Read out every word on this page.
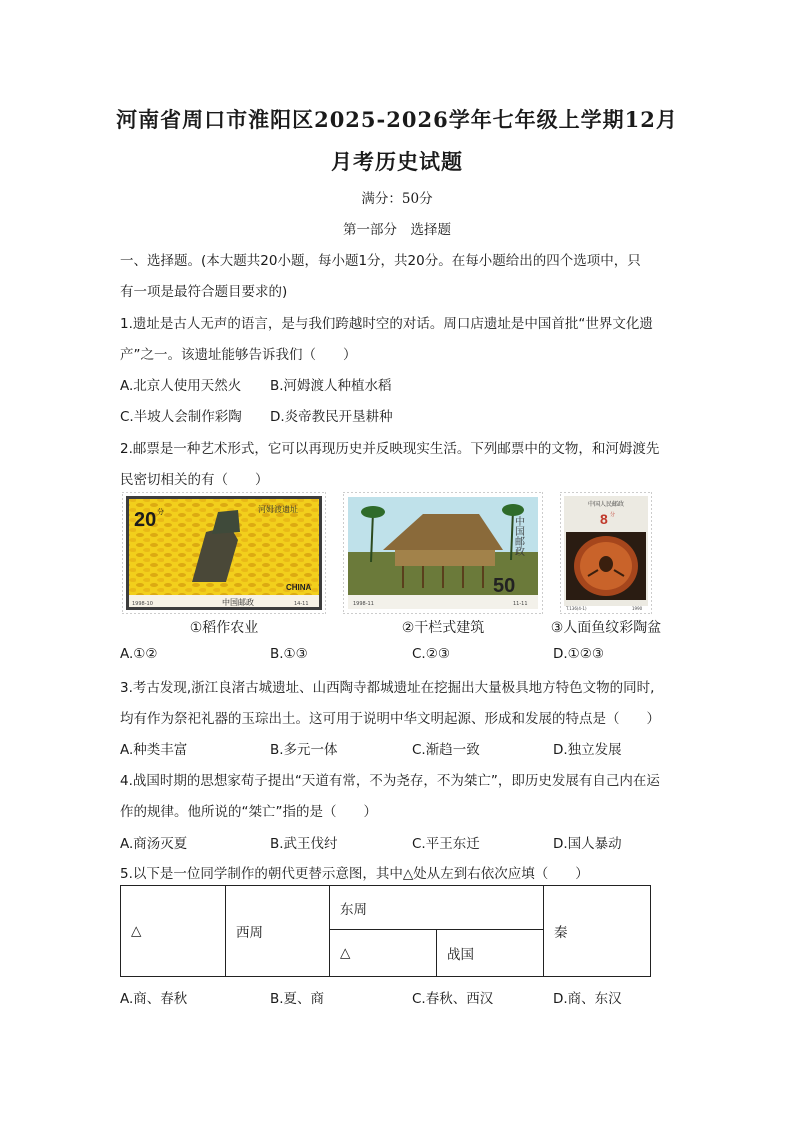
河南省周口市淮阳区2025-2026学年七年级上学期12月
月考历史试题
满分：50分
第一部分　选择题
一、选择题。(本大题共20小题，每小题1分，共20分。在每小题给出的四个选项中，只
有一项是最符合题目要求的)
1.遗址是古人无声的语言，是与我们跨越时空的对话。周口店遗址是中国首批“世界文化遗
产”之一。该遗址能够告诉我们（　　）
A.北京人使用天然火 B.河姆渡人种植水稻
C.半坡人会制作彩陶 D.炎帝教民开垦耕种
2.邮票是一种艺术形式，它可以再现历史并反映现实生活。下列邮票中的文物，和河姆渡先
民密切相关的有（　　）
20 分	河姆渡遗址
CHINA
中国邮政
1998-10	14-11
①稻作农业
中国邮政
50
1998-11	11-11
②干栏式建筑
中国人民邮政
8 分
T.136(4-1)	1990
③人面鱼纹彩陶盆
A.①②	B.①③	C.②③	D.①②③
3.考古发现,浙江良渚古城遗址、山西陶寺都城遗址在挖掘出大量极具地方特色文物的同时,
均有作为祭祀礼器的玉琮出土。这可用于说明中华文明起源、形成和发展的特点是（　　）
A.种类丰富	B.多元一体	C.渐趋一致	D.独立发展
4.战国时期的思想家荀子提出“天道有常，不为尧存，不为桀亡”，即历史发展有自己内在运
作的规律。他所说的“桀亡”指的是（　　）
A.商汤灭夏	B.武王伐纣	C.平王东迁	D.国人暴动
5.以下是一位同学制作的朝代更替示意图，其中△处从左到右依次应填（　　）
△	西周	东周		秦
		△	战国	
A.商、春秋	B.夏、商	C.春秋、西汉	D.商、东汉
